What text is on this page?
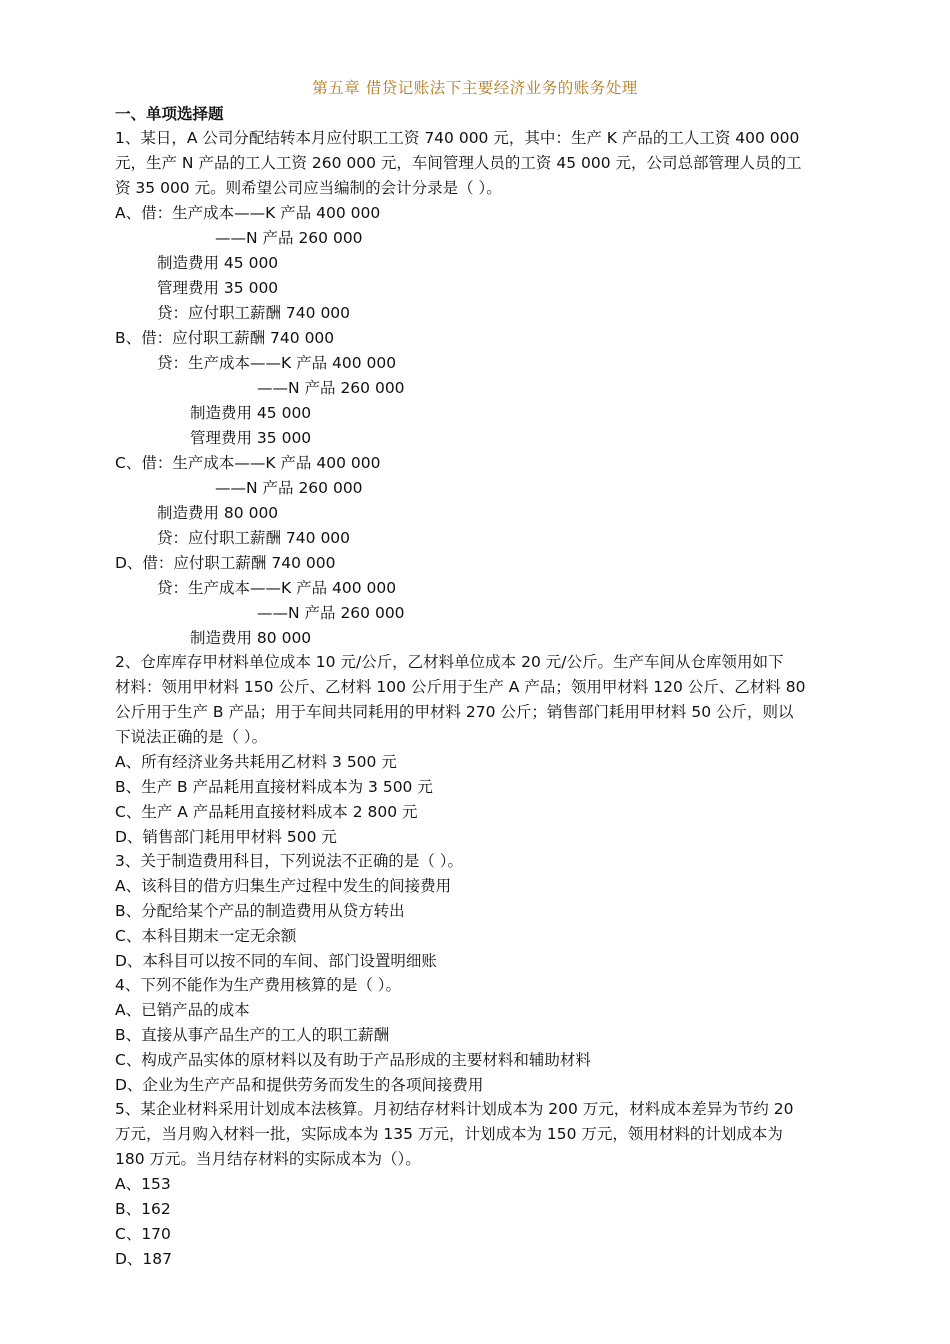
第五章 借贷记账法下主要经济业务的账务处理
一、单项选择题
1、某日，A 公司分配结转本月应付职工工资 740 000 元，其中：生产 K 产品的工人工资 400 000
元，生产 N 产品的工人工资 260 000 元，车间管理人员的工资 45 000 元，公司总部管理人员的工
资 35 000 元。则希望公司应当编制的会计分录是（ ）。
A、借：生产成本——K 产品 400 000
——N 产品 260 000
制造费用 45 000
管理费用 35 000
贷：应付职工薪酬 740 000
B、借：应付职工薪酬 740 000
贷：生产成本——K 产品 400 000
——N 产品 260 000
制造费用 45 000
管理费用 35 000
C、借：生产成本——K 产品 400 000
——N 产品 260 000
制造费用 80 000
贷：应付职工薪酬 740 000
D、借：应付职工薪酬 740 000
贷：生产成本——K 产品 400 000
——N 产品 260 000
制造费用 80 000
2、仓库库存甲材料单位成本 10 元/公斤，乙材料单位成本 20 元/公斤。生产车间从仓库领用如下
材料：领用甲材料 150 公斤、乙材料 100 公斤用于生产 A 产品；领用甲材料 120 公斤、乙材料 80
公斤用于生产 B 产品；用于车间共同耗用的甲材料 270 公斤；销售部门耗用甲材料 50 公斤，则以
下说法正确的是（ ）。
A、所有经济业务共耗用乙材料 3 500 元
B、生产 B 产品耗用直接材料成本为 3 500 元
C、生产 A 产品耗用直接材料成本 2 800 元
D、销售部门耗用甲材料 500 元
3、关于制造费用科目，下列说法不正确的是（ ）。
A、该科目的借方归集生产过程中发生的间接费用
B、分配给某个产品的制造费用从贷方转出
C、本科目期末一定无余额
D、本科目可以按不同的车间、部门设置明细账
4、下列不能作为生产费用核算的是（ ）。
A、已销产品的成本
B、直接从事产品生产的工人的职工薪酬
C、构成产品实体的原材料以及有助于产品形成的主要材料和辅助材料
D、企业为生产产品和提供劳务而发生的各项间接费用
5、某企业材料采用计划成本法核算。月初结存材料计划成本为 200 万元，材料成本差异为节约 20
万元，当月购入材料一批，实际成本为 135 万元，计划成本为 150 万元，领用材料的计划成本为
180 万元。当月结存材料的实际成本为（）。
A、153
B、162
C、170
D、187
